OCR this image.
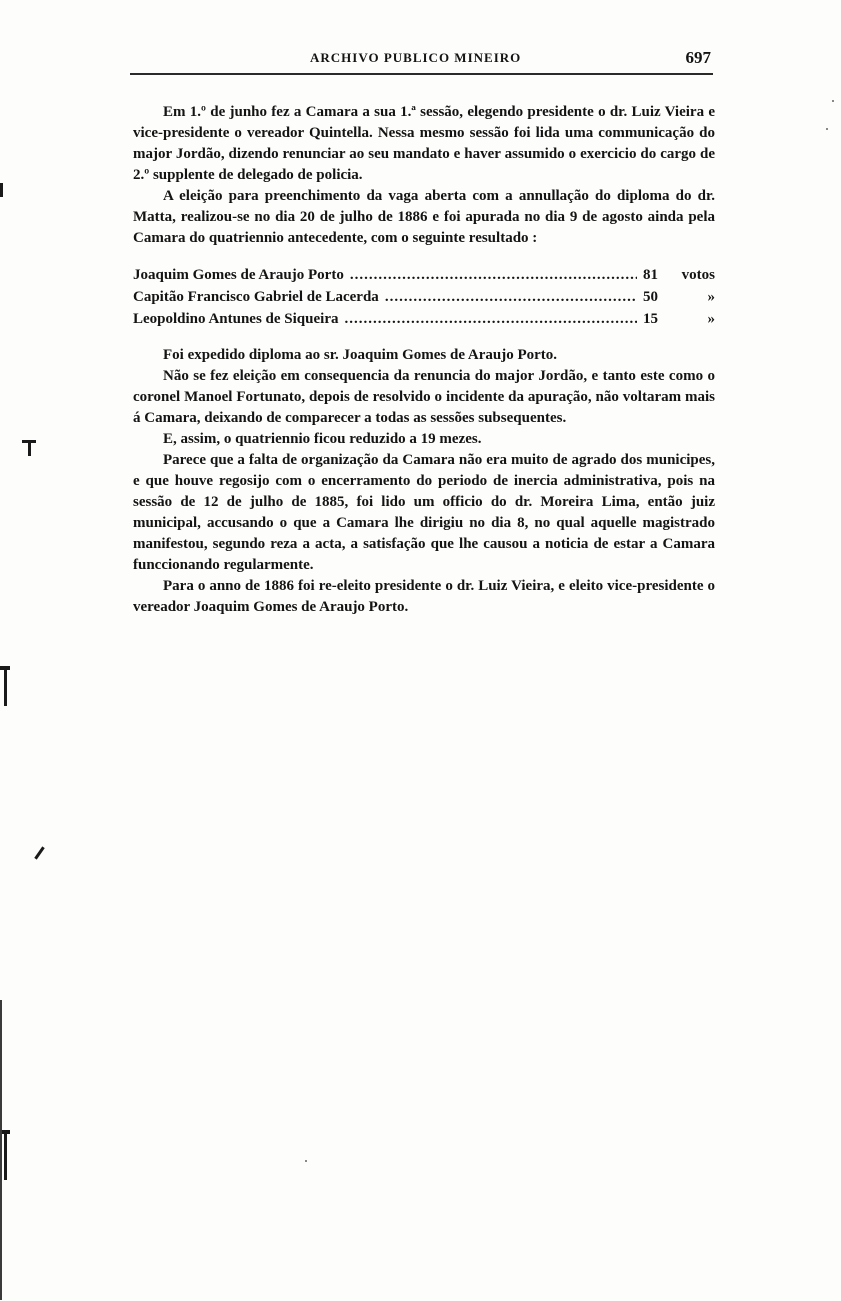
ARCHIVO PUBLICO MINEIRO	697

Em 1.º de junho fez a Camara a sua 1.ª sessão, elegendo presidente o dr. Luiz Vieira e vice-presidente o vereador Quintella. Nessa mesmo sessão foi lida uma communicação do major Jordão, dizendo renunciar ao seu mandato e haver assumido o exercicio do cargo de 2.º supplente de delegado de policia.

A eleição para preenchimento da vaga aberta com a annullação do diploma do dr. Matta, realizou-se no dia 20 de julho de 1886 e foi apurada no dia 9 de agosto ainda pela Camara do quatriennio antecedente, com o seguinte resultado :

Joaquim Gomes de Araujo Porto .....	81	votos
Capitão Francisco Gabriel de Lacerda .....	50	»
Leopoldino Antunes de Siqueira .....	15	»

Foi expedido diploma ao sr. Joaquim Gomes de Araujo Porto.

Não se fez eleição em consequencia da renuncia do major Jordão, e tanto este como o coronel Manoel Fortunato, depois de resolvido o incidente da apuração, não voltaram mais á Camara, deixando de comparecer a todas as sessões subsequentes.

E, assim, o quatriennio ficou reduzido a 19 mezes.

Parece que a falta de organização da Camara não era muito de agrado dos municipes, e que houve regosijo com o encerramento do periodo de inercia administrativa, pois na sessão de 12 de julho de 1885, foi lido um officio do dr. Moreira Lima, então juiz municipal, accusando o que a Camara lhe dirigiu no dia 8, no qual aquelle magistrado manifestou, segundo reza a acta, a satisfação que lhe causou a noticia de estar a Camara funccionando regularmente.

Para o anno de 1886 foi re-eleito presidente o dr. Luiz Vieira, e eleito vice-presidente o vereador Joaquim Gomes de Araujo Porto.
